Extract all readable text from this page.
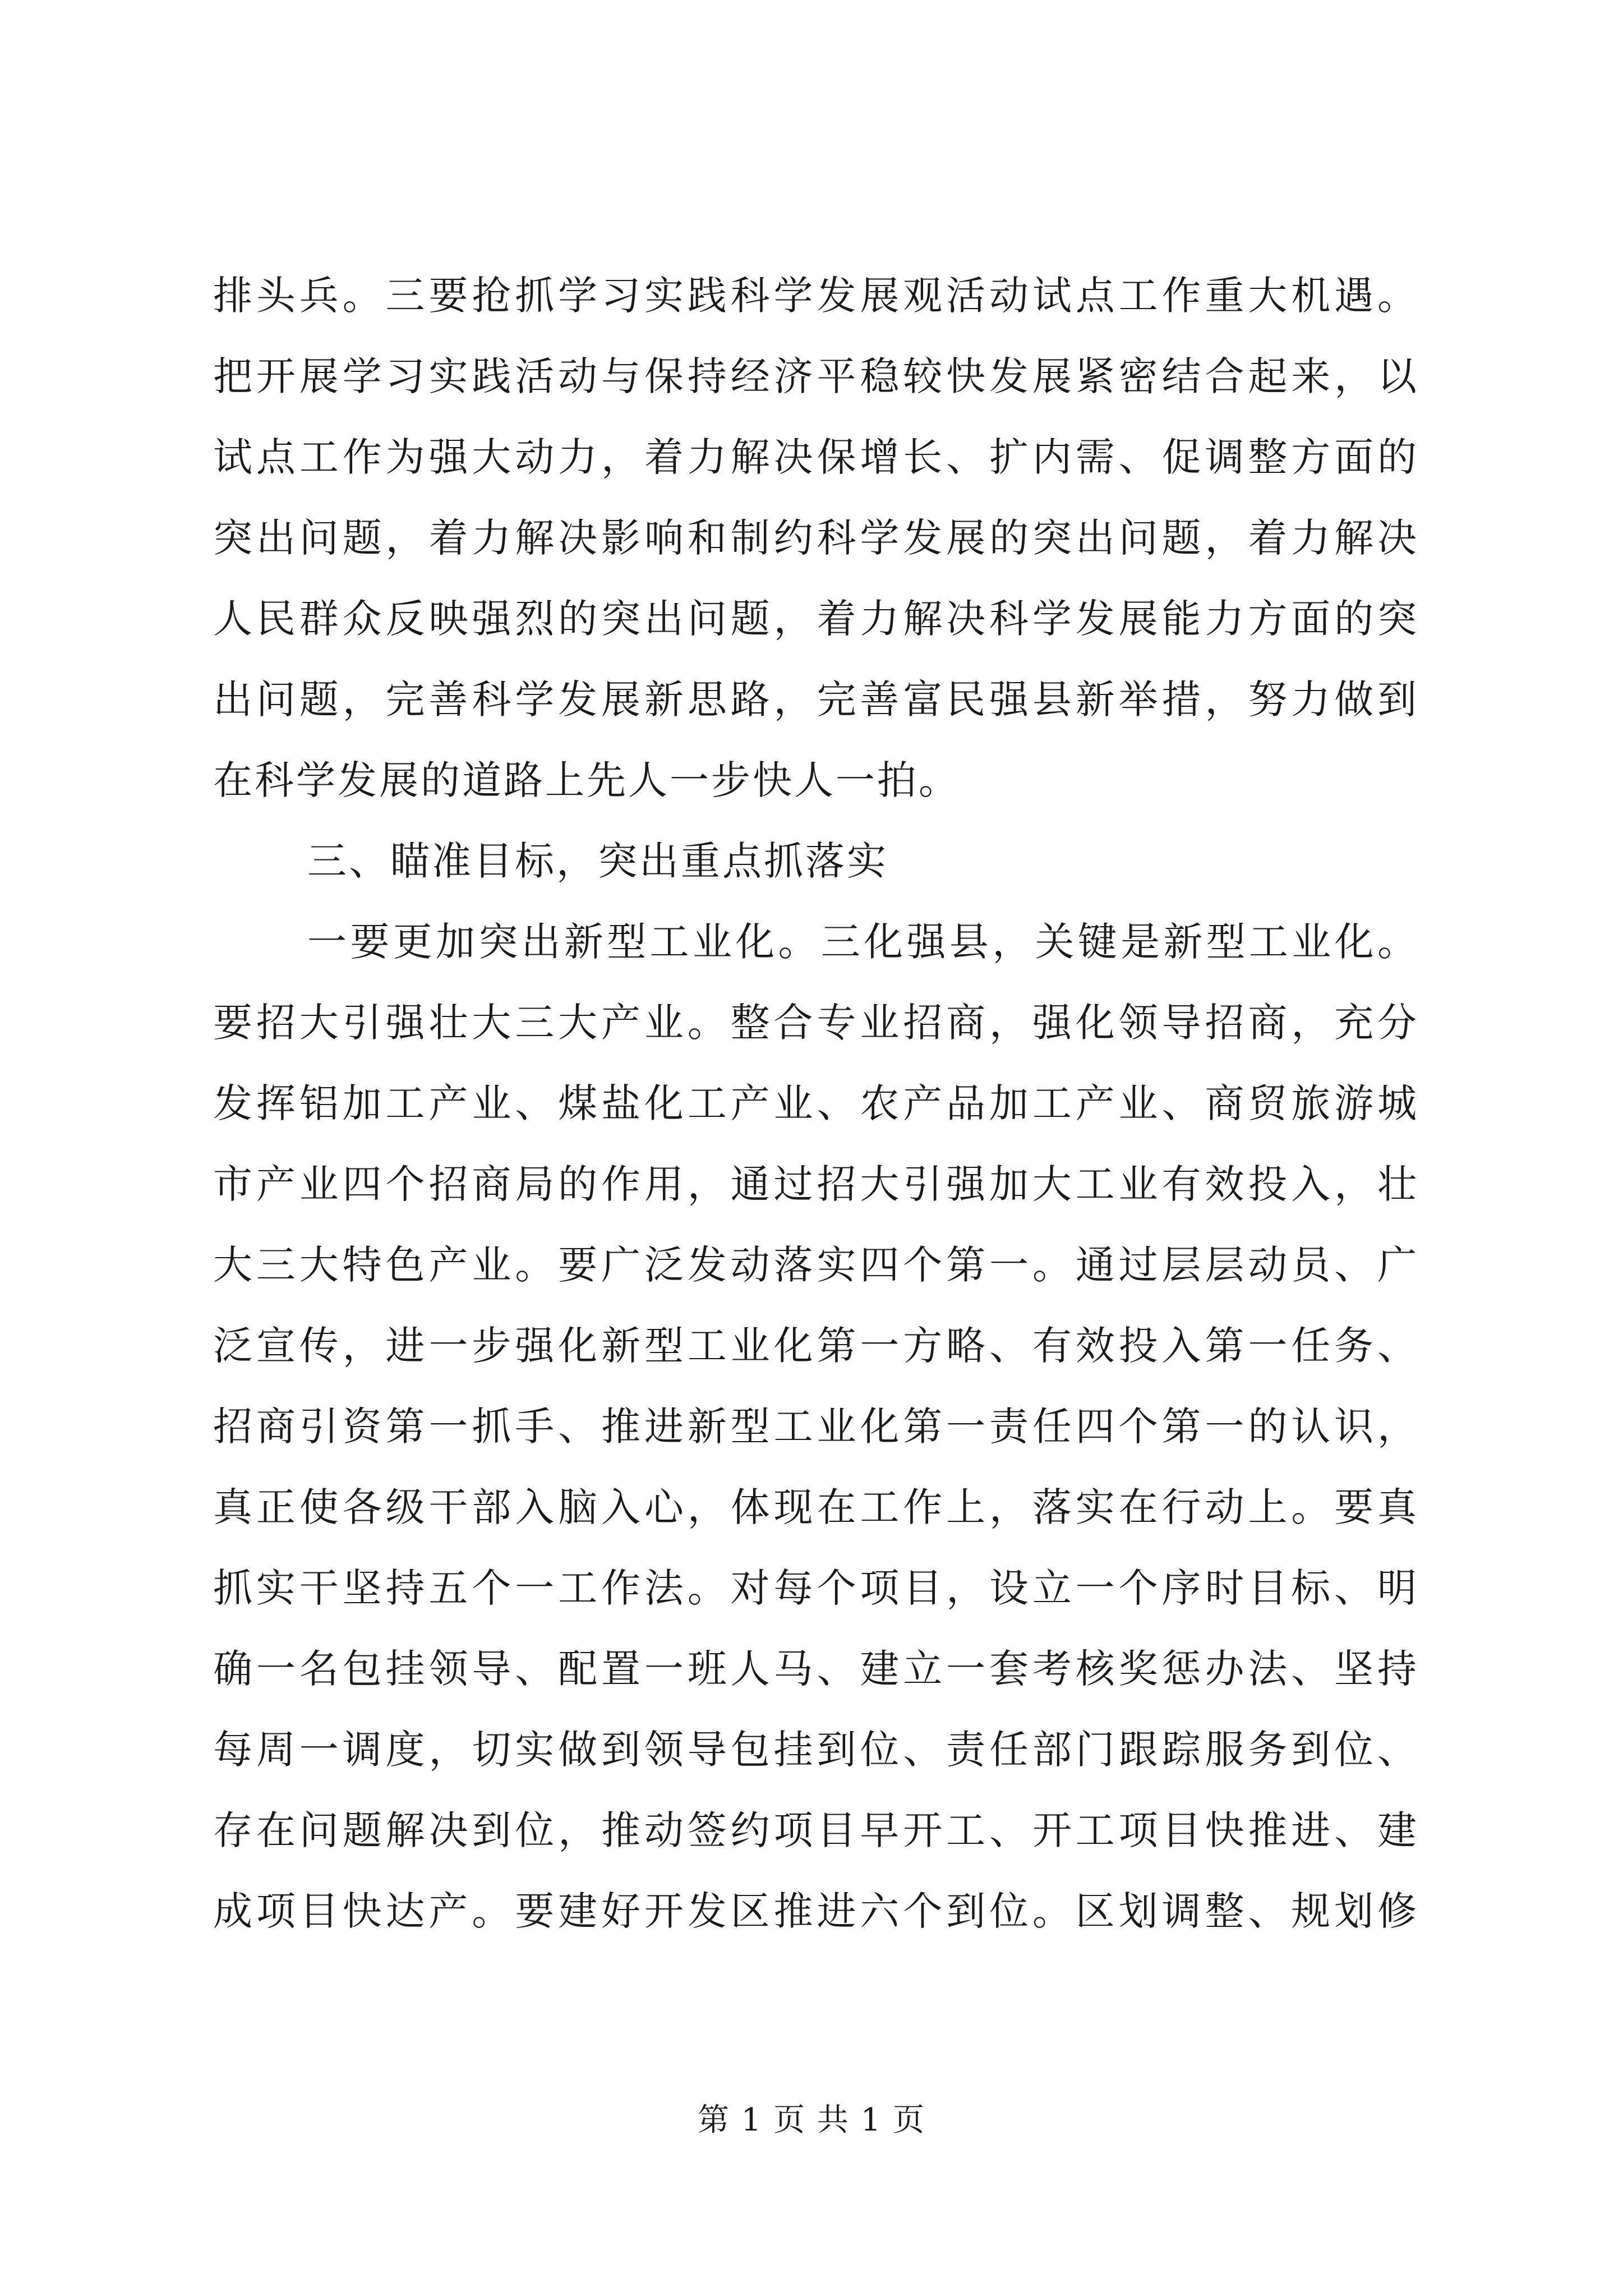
排头兵。三要抢抓学习实践科学发展观活动试点工作重大机遇。
把开展学习实践活动与保持经济平稳较快发展紧密结合起来，以
试点工作为强大动力，着力解决保增长、扩内需、促调整方面的
突出问题，着力解决影响和制约科学发展的突出问题，着力解决
人民群众反映强烈的突出问题，着力解决科学发展能力方面的突
出问题，完善科学发展新思路，完善富民强县新举措，努力做到
在科学发展的道路上先人一步快人一拍。
三、瞄准目标，突出重点抓落实
一要更加突出新型工业化。三化强县，关键是新型工业化。
要招大引强壮大三大产业。整合专业招商，强化领导招商，充分
发挥铝加工产业、煤盐化工产业、农产品加工产业、商贸旅游城
市产业四个招商局的作用，通过招大引强加大工业有效投入，壮
大三大特色产业。要广泛发动落实四个第一。通过层层动员、广
泛宣传，进一步强化新型工业化第一方略、有效投入第一任务、
招商引资第一抓手、推进新型工业化第一责任四个第一的认识，
真正使各级干部入脑入心，体现在工作上，落实在行动上。要真
抓实干坚持五个一工作法。对每个项目，设立一个序时目标、明
确一名包挂领导、配置一班人马、建立一套考核奖惩办法、坚持
每周一调度，切实做到领导包挂到位、责任部门跟踪服务到位、
存在问题解决到位，推动签约项目早开工、开工项目快推进、建
成项目快达产。要建好开发区推进六个到位。区划调整、规划修
第 1 页 共 1 页
